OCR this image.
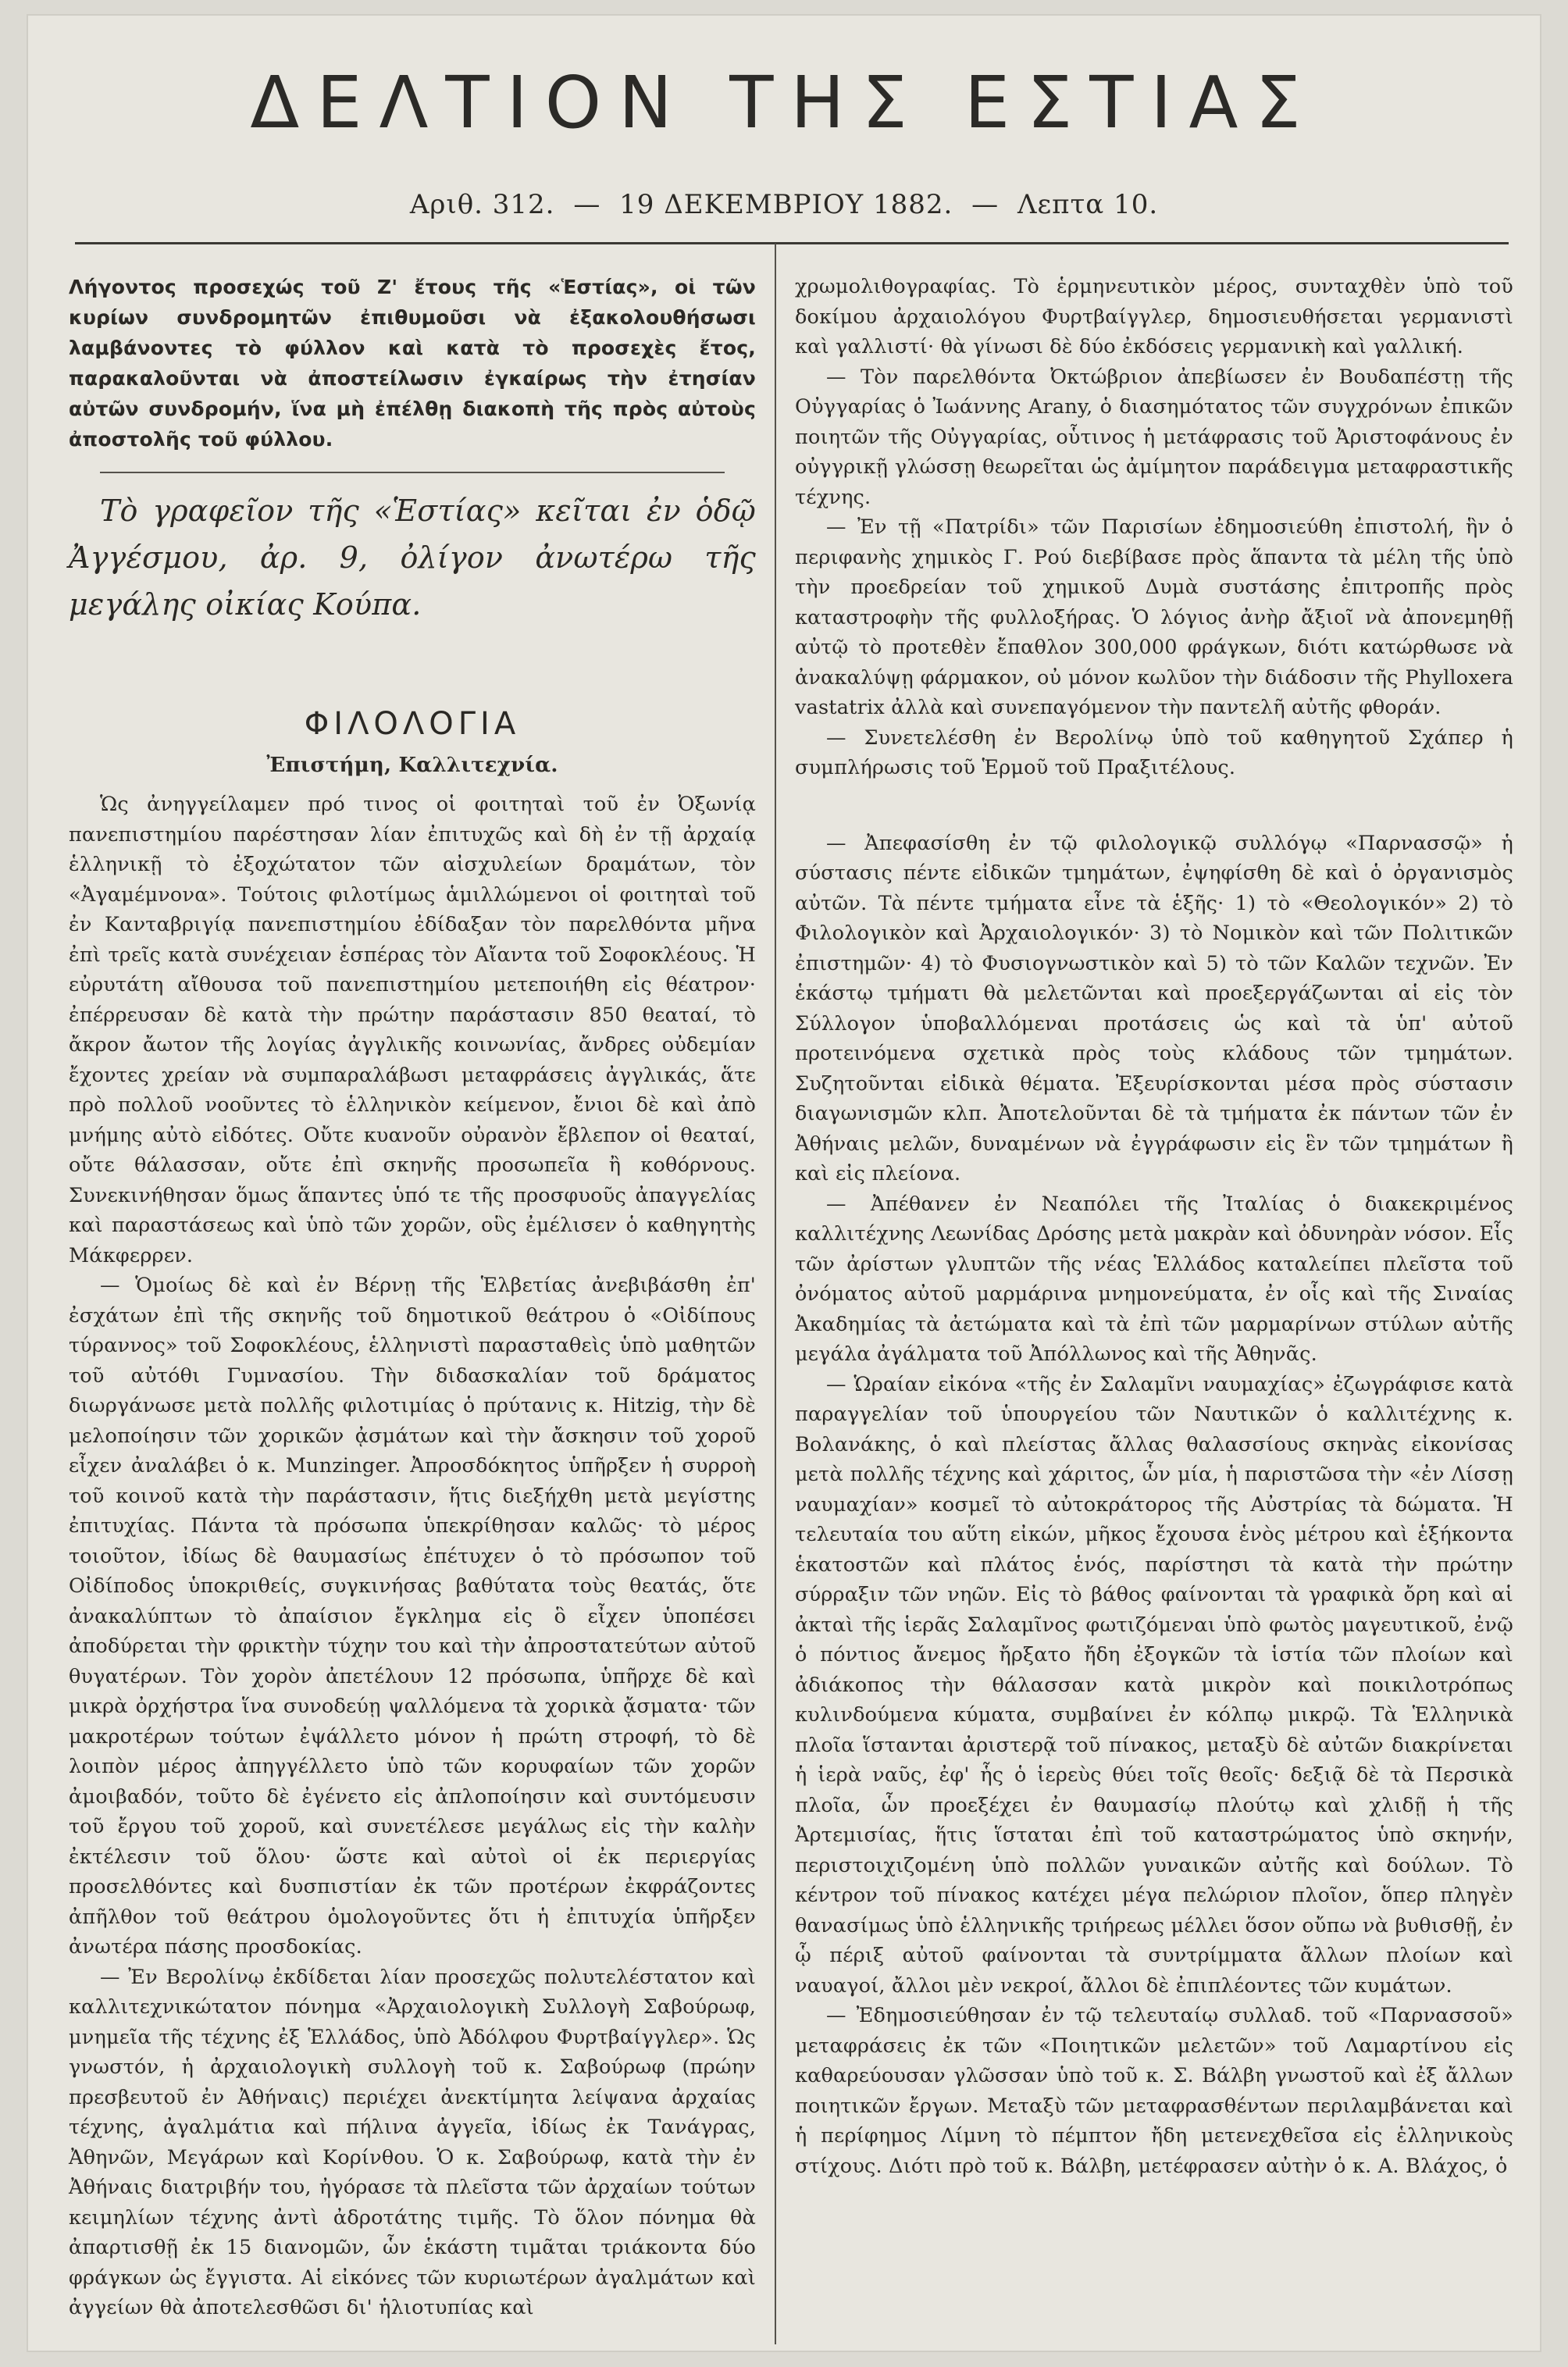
ΔΕΛΤΙΟΝ ΤΗΣ ΕΣΤΙΑΣ
Αριθ. 312. — 19 ΔΕΚΕΜΒΡΙΟΥ 1882. — Λεπτα 10.

Λήγοντος προσεχώς τοῦ Ζ' ἔτους τῆς «Ἑστίας», οἱ τῶν κυρίων συνδρομητῶν ἐπιθυμοῦσι νὰ ἐξακολουθήσωσι λαμβάνοντες τὸ φύλλον καὶ κατὰ τὸ προσεχὲς ἔτος, παρακαλοῦνται νὰ ἀποστείλωσιν ἐγκαίρως τὴν ἐτησίαν αὐτῶν συνδρομήν, ἵνα μὴ ἐπέλθῃ διακοπὴ τῆς πρὸς αὐτοὺς ἀποστολῆς τοῦ φύλλου.

Τὸ γραφεῖον τῆς «Ἑστίας» κεῖται ἐν ὁδῷ Ἀγγέσμου, ἀρ. 9, ὀλίγον ἀνωτέρω τῆς μεγάλης οἰκίας Κούπα.

ΦΙΛΟΛΟΓΙΑ
Ἐπιστήμη, Καλλιτεχνία.

Ὡς ἀνηγγείλαμεν πρό τινος οἱ φοιτηταὶ τοῦ ἐν Ὀξωνίᾳ πανεπιστημίου παρέστησαν λίαν ἐπιτυχῶς καὶ δὴ ἐν τῇ ἀρχαίᾳ ἑλληνικῇ τὸ ἐξοχώτατον τῶν αἰσχυλείων δραμάτων, τὸν «Ἀγαμέμνονα». Τούτοις φιλοτίμως ἁμιλλώμενοι οἱ φοιτηταὶ τοῦ ἐν Κανταβριγίᾳ πανεπιστημίου ἐδίδαξαν τὸν παρελθόντα μῆνα ἐπὶ τρεῖς κατὰ συνέχειαν ἑσπέρας τὸν Αἴαντα τοῦ Σοφοκλέους. Ἡ εὐρυτάτη αἴθουσα τοῦ πανεπιστημίου μετεποιήθη εἰς θέατρον· ἐπέρρευσαν δὲ κατὰ τὴν πρώτην παράστασιν 850 θεαταί, τὸ ἄκρον ἄωτον τῆς λογίας ἀγγλικῆς κοινωνίας, ἄνδρες οὐδεμίαν ἔχοντες χρείαν νὰ συμπαραλάβωσι μεταφράσεις ἀγγλικάς, ἅτε πρὸ πολλοῦ νοοῦντες τὸ ἑλληνικὸν κείμενον, ἔνιοι δὲ καὶ ἀπὸ μνήμης αὐτὸ εἰδότες. Οὔτε κυανοῦν οὐρανὸν ἔβλεπον οἱ θεαταί, οὔτε θάλασσαν, οὔτε ἐπὶ σκηνῆς προσωπεῖα ἢ κοθόρνους. Συνεκινήθησαν ὅμως ἅπαντες ὑπό τε τῆς προσφυοῦς ἀπαγγελίας καὶ παραστάσεως καὶ ὑπὸ τῶν χορῶν, οὓς ἐμέλισεν ὁ καθηγητὴς Μάκφερρεν.

— Ὁμοίως δὲ καὶ ἐν Βέρνῃ τῆς Ἑλβετίας ἀνεβιβάσθη ἐπ' ἐσχάτων ἐπὶ τῆς σκηνῆς τοῦ δημοτικοῦ θεάτρου ὁ «Οἰδίπους τύραννος» τοῦ Σοφοκλέους, ἑλληνιστὶ παρασταθεὶς ὑπὸ μαθητῶν τοῦ αὐτόθι Γυμνασίου. Τὴν διδασκαλίαν τοῦ δράματος διωργάνωσε μετὰ πολλῆς φιλοτιμίας ὁ πρύτανις κ. Hitzig, τὴν δὲ μελοποίησιν τῶν χορικῶν ᾀσμάτων καὶ τὴν ἄσκησιν τοῦ χοροῦ εἶχεν ἀναλάβει ὁ κ. Munzinger. Ἀπροσδόκητος ὑπῆρξεν ἡ συρροὴ τοῦ κοινοῦ κατὰ τὴν παράστασιν, ἥτις διεξήχθη μετὰ μεγίστης ἐπιτυχίας. Πάντα τὰ πρόσωπα ὑπεκρίθησαν καλῶς· τὸ μέρος τοιοῦτον, ἰδίως δὲ θαυμασίως ἐπέτυχεν ὁ τὸ πρόσωπον τοῦ Οἰδίποδος ὑποκριθείς, συγκινήσας βαθύτατα τοὺς θεατάς, ὅτε ἀνακαλύπτων τὸ ἀπαίσιον ἔγκλημα εἰς ὃ εἶχεν ὑποπέσει ἀποδύρεται τὴν φρικτὴν τύχην του καὶ τὴν ἀπροστατεύτων αὐτοῦ θυγατέρων. Τὸν χορὸν ἀπετέλουν 12 πρόσωπα, ὑπῆρχε δὲ καὶ μικρὰ ὀρχήστρα ἵνα συνοδεύῃ ψαλλόμενα τὰ χορικὰ ᾄσματα· τῶν μακροτέρων τούτων ἐψάλλετο μόνον ἡ πρώτη στροφή, τὸ δὲ λοιπὸν μέρος ἀπηγγέλλετο ὑπὸ τῶν κορυφαίων τῶν χορῶν ἀμοιβαδόν, τοῦτο δὲ ἐγένετο εἰς ἀπλοποίησιν καὶ συντόμευσιν τοῦ ἔργου τοῦ χοροῦ, καὶ συνετέλεσε μεγάλως εἰς τὴν καλὴν ἐκτέλεσιν τοῦ ὅλου· ὥστε καὶ αὐτοὶ οἱ ἐκ περιεργίας προσελθόντες καὶ δυσπιστίαν ἐκ τῶν προτέρων ἐκφράζοντες ἀπῆλθον τοῦ θεάτρου ὁμολογοῦντες ὅτι ἡ ἐπιτυχία ὑπῆρξεν ἀνωτέρα πάσης προσδοκίας.

— Ἐν Βερολίνῳ ἐκδίδεται λίαν προσεχῶς πολυτελέστατον καὶ καλλιτεχνικώτατον πόνημα «Ἀρχαιολογικὴ Συλλογὴ Σαβούρωφ, μνημεῖα τῆς τέχνης ἐξ Ἑλλάδος, ὑπὸ Ἀδόλφου Φυρτβαίγγλερ». Ὡς γνωστόν, ἡ ἀρχαιολογικὴ συλλογὴ τοῦ κ. Σαβούρωφ (πρώην πρεσβευτοῦ ἐν Ἀθήναις) περιέχει ἀνεκτίμητα λείψανα ἀρχαίας τέχνης, ἀγαλμάτια καὶ πήλινα ἀγγεῖα, ἰδίως ἐκ Τανάγρας, Ἀθηνῶν, Μεγάρων καὶ Κορίνθου. Ὁ κ. Σαβούρωφ, κατὰ τὴν ἐν Ἀθήναις διατριβήν του, ἠγόρασε τὰ πλεῖστα τῶν ἀρχαίων τούτων κειμηλίων τέχνης ἀντὶ ἀδροτάτης τιμῆς. Τὸ ὅλον πόνημα θὰ ἀπαρτισθῇ ἐκ 15 διανομῶν, ὧν ἑκάστη τιμᾶται τριάκοντα δύο φράγκων ὡς ἔγγιστα. Αἱ εἰκόνες τῶν κυριωτέρων ἀγαλμάτων καὶ ἀγγείων θὰ ἀποτελεσθῶσι δι' ἡλιοτυπίας καὶ

χρωμολιθογραφίας. Τὸ ἑρμηνευτικὸν μέρος, συνταχθὲν ὑπὸ τοῦ δοκίμου ἀρχαιολόγου Φυρτβαίγγλερ, δημοσιευθήσεται γερμανιστὶ καὶ γαλλιστί· θὰ γίνωσι δὲ δύο ἐκδόσεις γερμανικὴ καὶ γαλλική.

— Τὸν παρελθόντα Ὀκτώβριον ἀπεβίωσεν ἐν Βουδαπέστῃ τῆς Οὐγγαρίας ὁ Ἰωάννης Arany, ὁ διασημότατος τῶν συγχρόνων ἐπικῶν ποιητῶν τῆς Οὐγγαρίας, οὗτινος ἡ μετάφρασις τοῦ Ἀριστοφάνους ἐν οὐγγρικῇ γλώσσῃ θεωρεῖται ὡς ἀμίμητον παράδειγμα μεταφραστικῆς τέχνης.

— Ἐν τῇ «Πατρίδι» τῶν Παρισίων ἐδημοσιεύθη ἐπιστολή, ἣν ὁ περιφανὴς χημικὸς Γ. Ρού διεβίβασε πρὸς ἅπαντα τὰ μέλη τῆς ὑπὸ τὴν προεδρείαν τοῦ χημικοῦ Δυμὰ συστάσης ἐπιτροπῆς πρὸς καταστροφὴν τῆς φυλλοξήρας. Ὁ λόγιος ἀνὴρ ἄξιοῖ νὰ ἀπονεμηθῇ αὐτῷ τὸ προτεθὲν ἔπαθλον 300,000 φράγκων, διότι κατώρθωσε νὰ ἀνακαλύψῃ φάρμακον, οὐ μόνον κωλῦον τὴν διάδοσιν τῆς Phylloxera vastatrix ἀλλὰ καὶ συνεπαγόμενον τὴν παντελῆ αὐτῆς φθοράν.

— Συνετελέσθη ἐν Βερολίνῳ ὑπὸ τοῦ καθηγητοῦ Σχάπερ ἡ συμπλήρωσις τοῦ Ἑρμοῦ τοῦ Πραξιτέλους.

— Ἀπεφασίσθη ἐν τῷ φιλολογικῷ συλλόγῳ «Παρνασσῷ» ἡ σύστασις πέντε εἰδικῶν τμημάτων, ἐψηφίσθη δὲ καὶ ὁ ὀργανισμὸς αὐτῶν. Τὰ πέντε τμήματα εἶνε τὰ ἑξῆς· 1) τὸ «Θεολογικόν» 2) τὸ Φιλολογικὸν καὶ Ἀρχαιολογικόν· 3) τὸ Νομικὸν καὶ τῶν Πολιτικῶν ἐπιστημῶν· 4) τὸ Φυσιογνωστικὸν καὶ 5) τὸ τῶν Καλῶν τεχνῶν. Ἐν ἑκάστῳ τμήματι θὰ μελετῶνται καὶ προεξεργάζωνται αἱ εἰς τὸν Σύλλογον ὑποβαλλόμεναι προτάσεις ὡς καὶ τὰ ὑπ' αὐτοῦ προτεινόμενα σχετικὰ πρὸς τοὺς κλάδους τῶν τμημάτων. Συζητοῦνται εἰδικὰ θέματα. Ἐξευρίσκονται μέσα πρὸς σύστασιν διαγωνισμῶν κλπ. Ἀποτελοῦνται δὲ τὰ τμήματα ἐκ πάντων τῶν ἐν Ἀθήναις μελῶν, δυναμένων νὰ ἐγγράφωσιν εἰς ἓν τῶν τμημάτων ἢ καὶ εἰς πλείονα.

— Ἀπέθανεν ἐν Νεαπόλει τῆς Ἰταλίας ὁ διακεκριμένος καλλιτέχνης Λεωνίδας Δρόσης μετὰ μακρὰν καὶ ὀδυνηρὰν νόσον. Εἷς τῶν ἀρίστων γλυπτῶν τῆς νέας Ἑλλάδος καταλείπει πλεῖστα τοῦ ὀνόματος αὐτοῦ μαρμάρινα μνημονεύματα, ἐν οἷς καὶ τῆς Σιναίας Ἀκαδημίας τὰ ἀετώματα καὶ τὰ ἐπὶ τῶν μαρμαρίνων στύλων αὐτῆς μεγάλα ἀγάλματα τοῦ Ἀπόλλωνος καὶ τῆς Ἀθηνᾶς.

— Ὡραίαν εἰκόνα «τῆς ἐν Σαλαμῖνι ναυμαχίας» ἐζωγράφισε κατὰ παραγγελίαν τοῦ ὑπουργείου τῶν Ναυτικῶν ὁ καλλιτέχνης κ. Βολανάκης, ὁ καὶ πλείστας ἄλλας θαλασσίους σκηνὰς εἰκονίσας μετὰ πολλῆς τέχνης καὶ χάριτος, ὧν μία, ἡ παριστῶσα τὴν «ἐν Λίσσῃ ναυμαχίαν» κοσμεῖ τὸ αὐτοκράτορος τῆς Αὐστρίας τὰ δώματα. Ἡ τελευταία του αὕτη εἰκών, μῆκος ἔχουσα ἑνὸς μέτρου καὶ ἑξήκοντα ἑκατοστῶν καὶ πλάτος ἑνός, παρίστησι τὰ κατὰ τὴν πρώτην σύρραξιν τῶν νηῶν. Εἰς τὸ βάθος φαίνονται τὰ γραφικὰ ὄρη καὶ αἱ ἀκταὶ τῆς ἱερᾶς Σαλαμῖνος φωτιζόμεναι ὑπὸ φωτὸς μαγευτικοῦ, ἐνῷ ὁ πόντιος ἄνεμος ἤρξατο ἤδη ἐξογκῶν τὰ ἱστία τῶν πλοίων καὶ ἀδιάκοπος τὴν θάλασσαν κατὰ μικρὸν καὶ ποικιλοτρόπως κυλινδούμενα κύματα, συμβαίνει ἐν κόλπῳ μικρῷ. Τὰ Ἑλληνικὰ πλοῖα ἵστανται ἀριστερᾷ τοῦ πίνακος, μεταξὺ δὲ αὐτῶν διακρίνεται ἡ ἱερὰ ναῦς, ἐφ' ἧς ὁ ἱερεὺς θύει τοῖς θεοῖς· δεξιᾷ δὲ τὰ Περσικὰ πλοῖα, ὧν προεξέχει ἐν θαυμασίῳ πλούτῳ καὶ χλιδῇ ἡ τῆς Ἀρτεμισίας, ἥτις ἵσταται ἐπὶ τοῦ καταστρώματος ὑπὸ σκηνήν, περιστοιχιζομένη ὑπὸ πολλῶν γυναικῶν αὐτῆς καὶ δούλων. Τὸ κέντρον τοῦ πίνακος κατέχει μέγα πελώριον πλοῖον, ὅπερ πληγὲν θανασίμως ὑπὸ ἑλληνικῆς τριήρεως μέλλει ὅσον οὔπω νὰ βυθισθῇ, ἐν ᾧ πέριξ αὐτοῦ φαίνονται τὰ συντρίμματα ἄλλων πλοίων καὶ ναυαγοί, ἄλλοι μὲν νεκροί, ἄλλοι δὲ ἐπιπλέοντες τῶν κυμάτων.

— Ἐδημοσιεύθησαν ἐν τῷ τελευταίῳ συλλαδ. τοῦ «Παρνασσοῦ» μεταφράσεις ἐκ τῶν «Ποιητικῶν μελετῶν» τοῦ Λαμαρτίνου εἰς καθαρεύουσαν γλῶσσαν ὑπὸ τοῦ κ. Σ. Βάλβη γνωστοῦ καὶ ἐξ ἄλλων ποιητικῶν ἔργων. Μεταξὺ τῶν μεταφρασθέντων περιλαμβάνεται καὶ ἡ περίφημος Λίμνη τὸ πέμπτον ἤδη μετενεχθεῖσα εἰς ἑλληνικοὺς στίχους. Διότι πρὸ τοῦ κ. Βάλβη, μετέφρασεν αὐτὴν ὁ κ. Α. Βλάχος, ὁ
